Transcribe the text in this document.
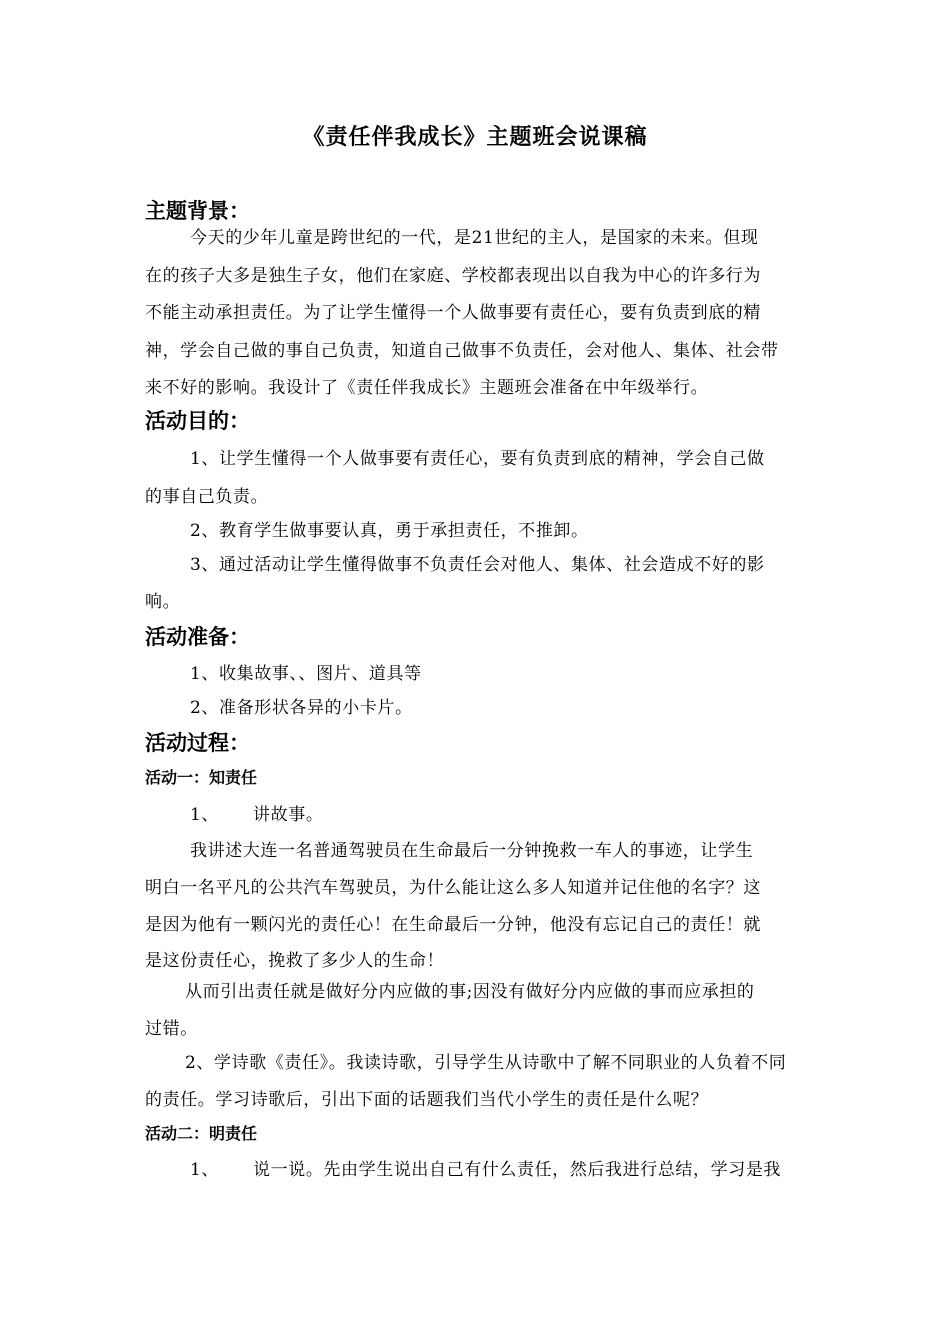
《责任伴我成长》主题班会说课稿
主题背景：
今天的少年儿童是跨世纪的一代，是21世纪的主人，是国家的未来。但现
在的孩子大多是独生子女，他们在家庭、学校都表现出以自我为中心的许多行为
不能主动承担责任。为了让学生懂得一个人做事要有责任心，要有负责到底的精
神，学会自己做的事自己负责，知道自己做事不负责任，会对他人、集体、社会带
来不好的影响。我设计了《责任伴我成长》主题班会准备在中年级举行。
活动目的：
1、让学生懂得一个人做事要有责任心，要有负责到底的精神，学会自己做
的事自己负责。
2、教育学生做事要认真，勇于承担责任，不推卸。
3、通过活动让学生懂得做事不负责任会对他人、集体、社会造成不好的影
响。
活动准备：
1、收集故事、、图片、道具等
2、准备形状各异的小卡片。
活动过程：
活动一：知责任
1、 讲故事。
我讲述大连一名普通驾驶员在生命最后一分钟挽救一车人的事迹，让学生
明白一名平凡的公共汽车驾驶员，为什么能让这么多人知道并记住他的名字？这
是因为他有一颗闪光的责任心！在生命最后一分钟，他没有忘记自己的责任！就
是这份责任心，挽救了多少人的生命！
从而引出责任就是做好分内应做的事;因没有做好分内应做的事而应承担的
过错。
2、学诗歌《责任》。我读诗歌，引导学生从诗歌中了解不同职业的人负着不同
的责任。学习诗歌后，引出下面的话题我们当代小学生的责任是什么呢？
活动二：明责任
1、 说一说。先由学生说出自己有什么责任，然后我进行总结，学习是我
